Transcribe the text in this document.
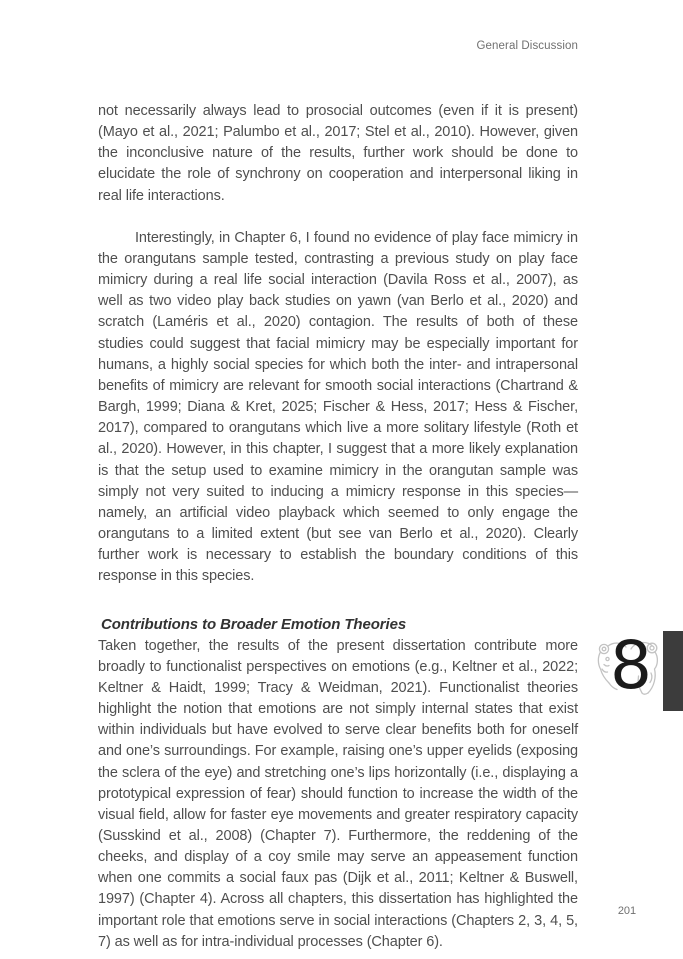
General Discussion

not necessarily always lead to prosocial outcomes (even if it is present) (Mayo et al., 2021; Palumbo et al., 2017; Stel et al., 2010). However, given the inconclusive nature of the results, further work should be done to elucidate the role of synchrony on cooperation and interpersonal liking in real life interactions.

Interestingly, in Chapter 6, I found no evidence of play face mimicry in the orangutans sample tested, contrasting a previous study on play face mimicry during a real life social interaction (Davila Ross et al., 2007), as well as two video play back studies on yawn (van Berlo et al., 2020) and scratch (Laméris et al., 2020) contagion. The results of both of these studies could suggest that facial mimicry may be especially important for humans, a highly social species for which both the inter- and intrapersonal benefits of mimicry are relevant for smooth social interactions (Chartrand & Bargh, 1999; Diana & Kret, 2025; Fischer & Hess, 2017; Hess & Fischer, 2017), compared to orangutans which live a more solitary lifestyle (Roth et al., 2020). However, in this chapter, I suggest that a more likely explanation is that the setup used to examine mimicry in the orangutan sample was simply not very suited to inducing a mimicry response in this species—namely, an artificial video playback which seemed to only engage the orangutans to a limited extent (but see van Berlo et al., 2020). Clearly further work is necessary to establish the boundary conditions of this response in this species.

Contributions to Broader Emotion Theories

Taken together, the results of the present dissertation contribute more broadly to functionalist perspectives on emotions (e.g., Keltner et al., 2022; Keltner & Haidt, 1999; Tracy & Weidman, 2021). Functionalist theories highlight the notion that emotions are not simply internal states that exist within individuals but have evolved to serve clear benefits both for oneself and one’s surroundings. For example, raising one’s upper eyelids (exposing the sclera of the eye) and stretching one’s lips horizontally (i.e., displaying a prototypical expression of fear) should function to increase the width of the visual field, allow for faster eye movements and greater respiratory capacity (Susskind et al., 2008) (Chapter 7). Furthermore, the reddening of the cheeks, and display of a coy smile may serve an appeasement function when one commits a social faux pas (Dijk et al., 2011; Keltner & Buswell, 1997) (Chapter 4). Across all chapters, this dissertation has highlighted the important role that emotions serve in social interactions (Chapters 2, 3, 4, 5, 7) as well as for intra-individual processes (Chapter 6).

8
201
